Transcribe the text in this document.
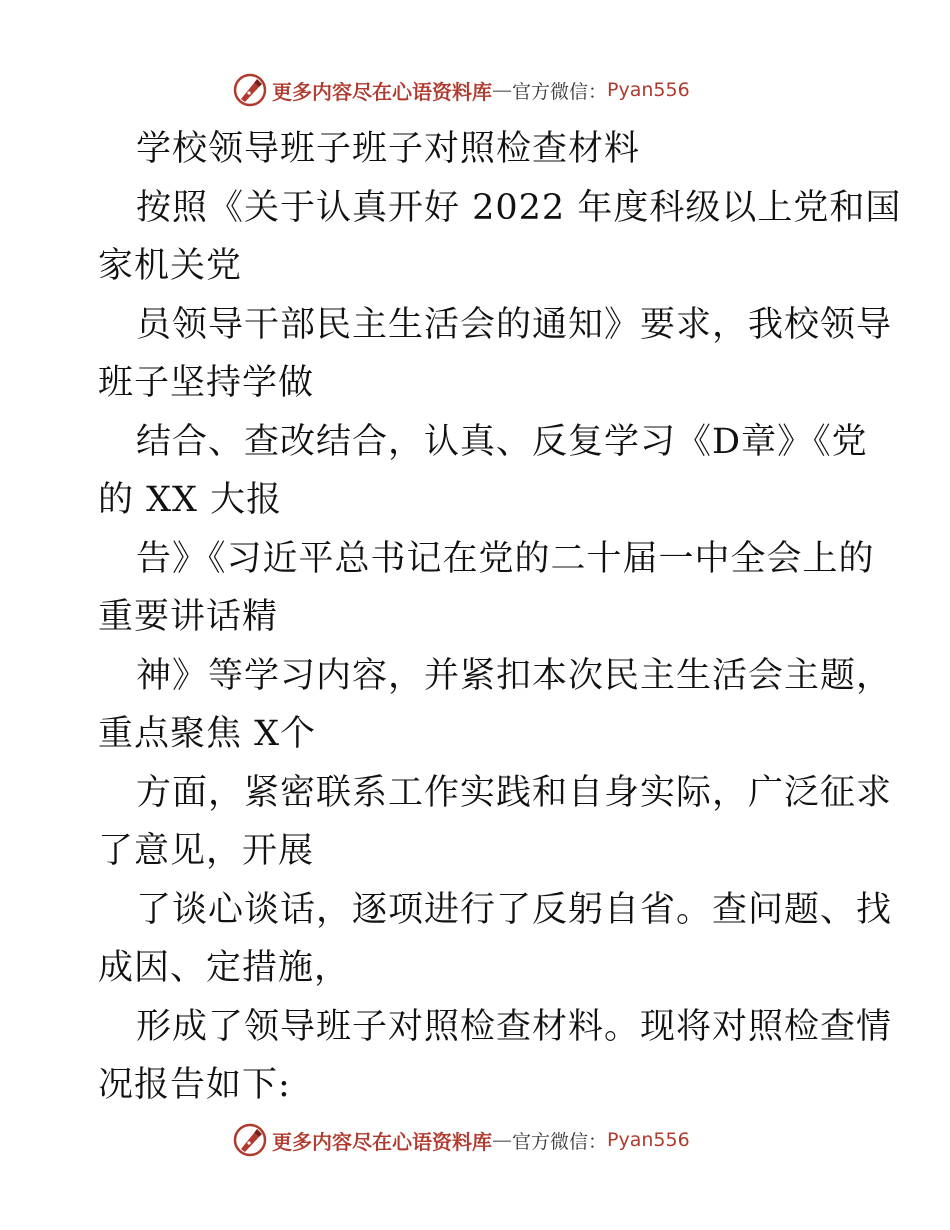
更多内容尽在心语资料库 — 官方微信： Pyan556
学校领导班子班子对照检查材料
按照《关于认真开好 2022 年度科级以上党和国
家机关党
员领导干部民主生活会的通知》要求，我校领导
班子坚持学做
结合、查改结合，认真、反复学习《D章》《党
的 XX 大报
告》《习近平总书记在党的二十届一中全会上的
重要讲话精
神》等学习内容，并紧扣本次民主生活会主题，
重点聚焦 X个
方面，紧密联系工作实践和自身实际，广泛征求
了意见，开展
了谈心谈话，逐项进行了反躬自省。查问题、找
成因、定措施，
形成了领导班子对照检查材料。现将对照检查情
况报告如下:
更多内容尽在心语资料库 — 官方微信： Pyan556
